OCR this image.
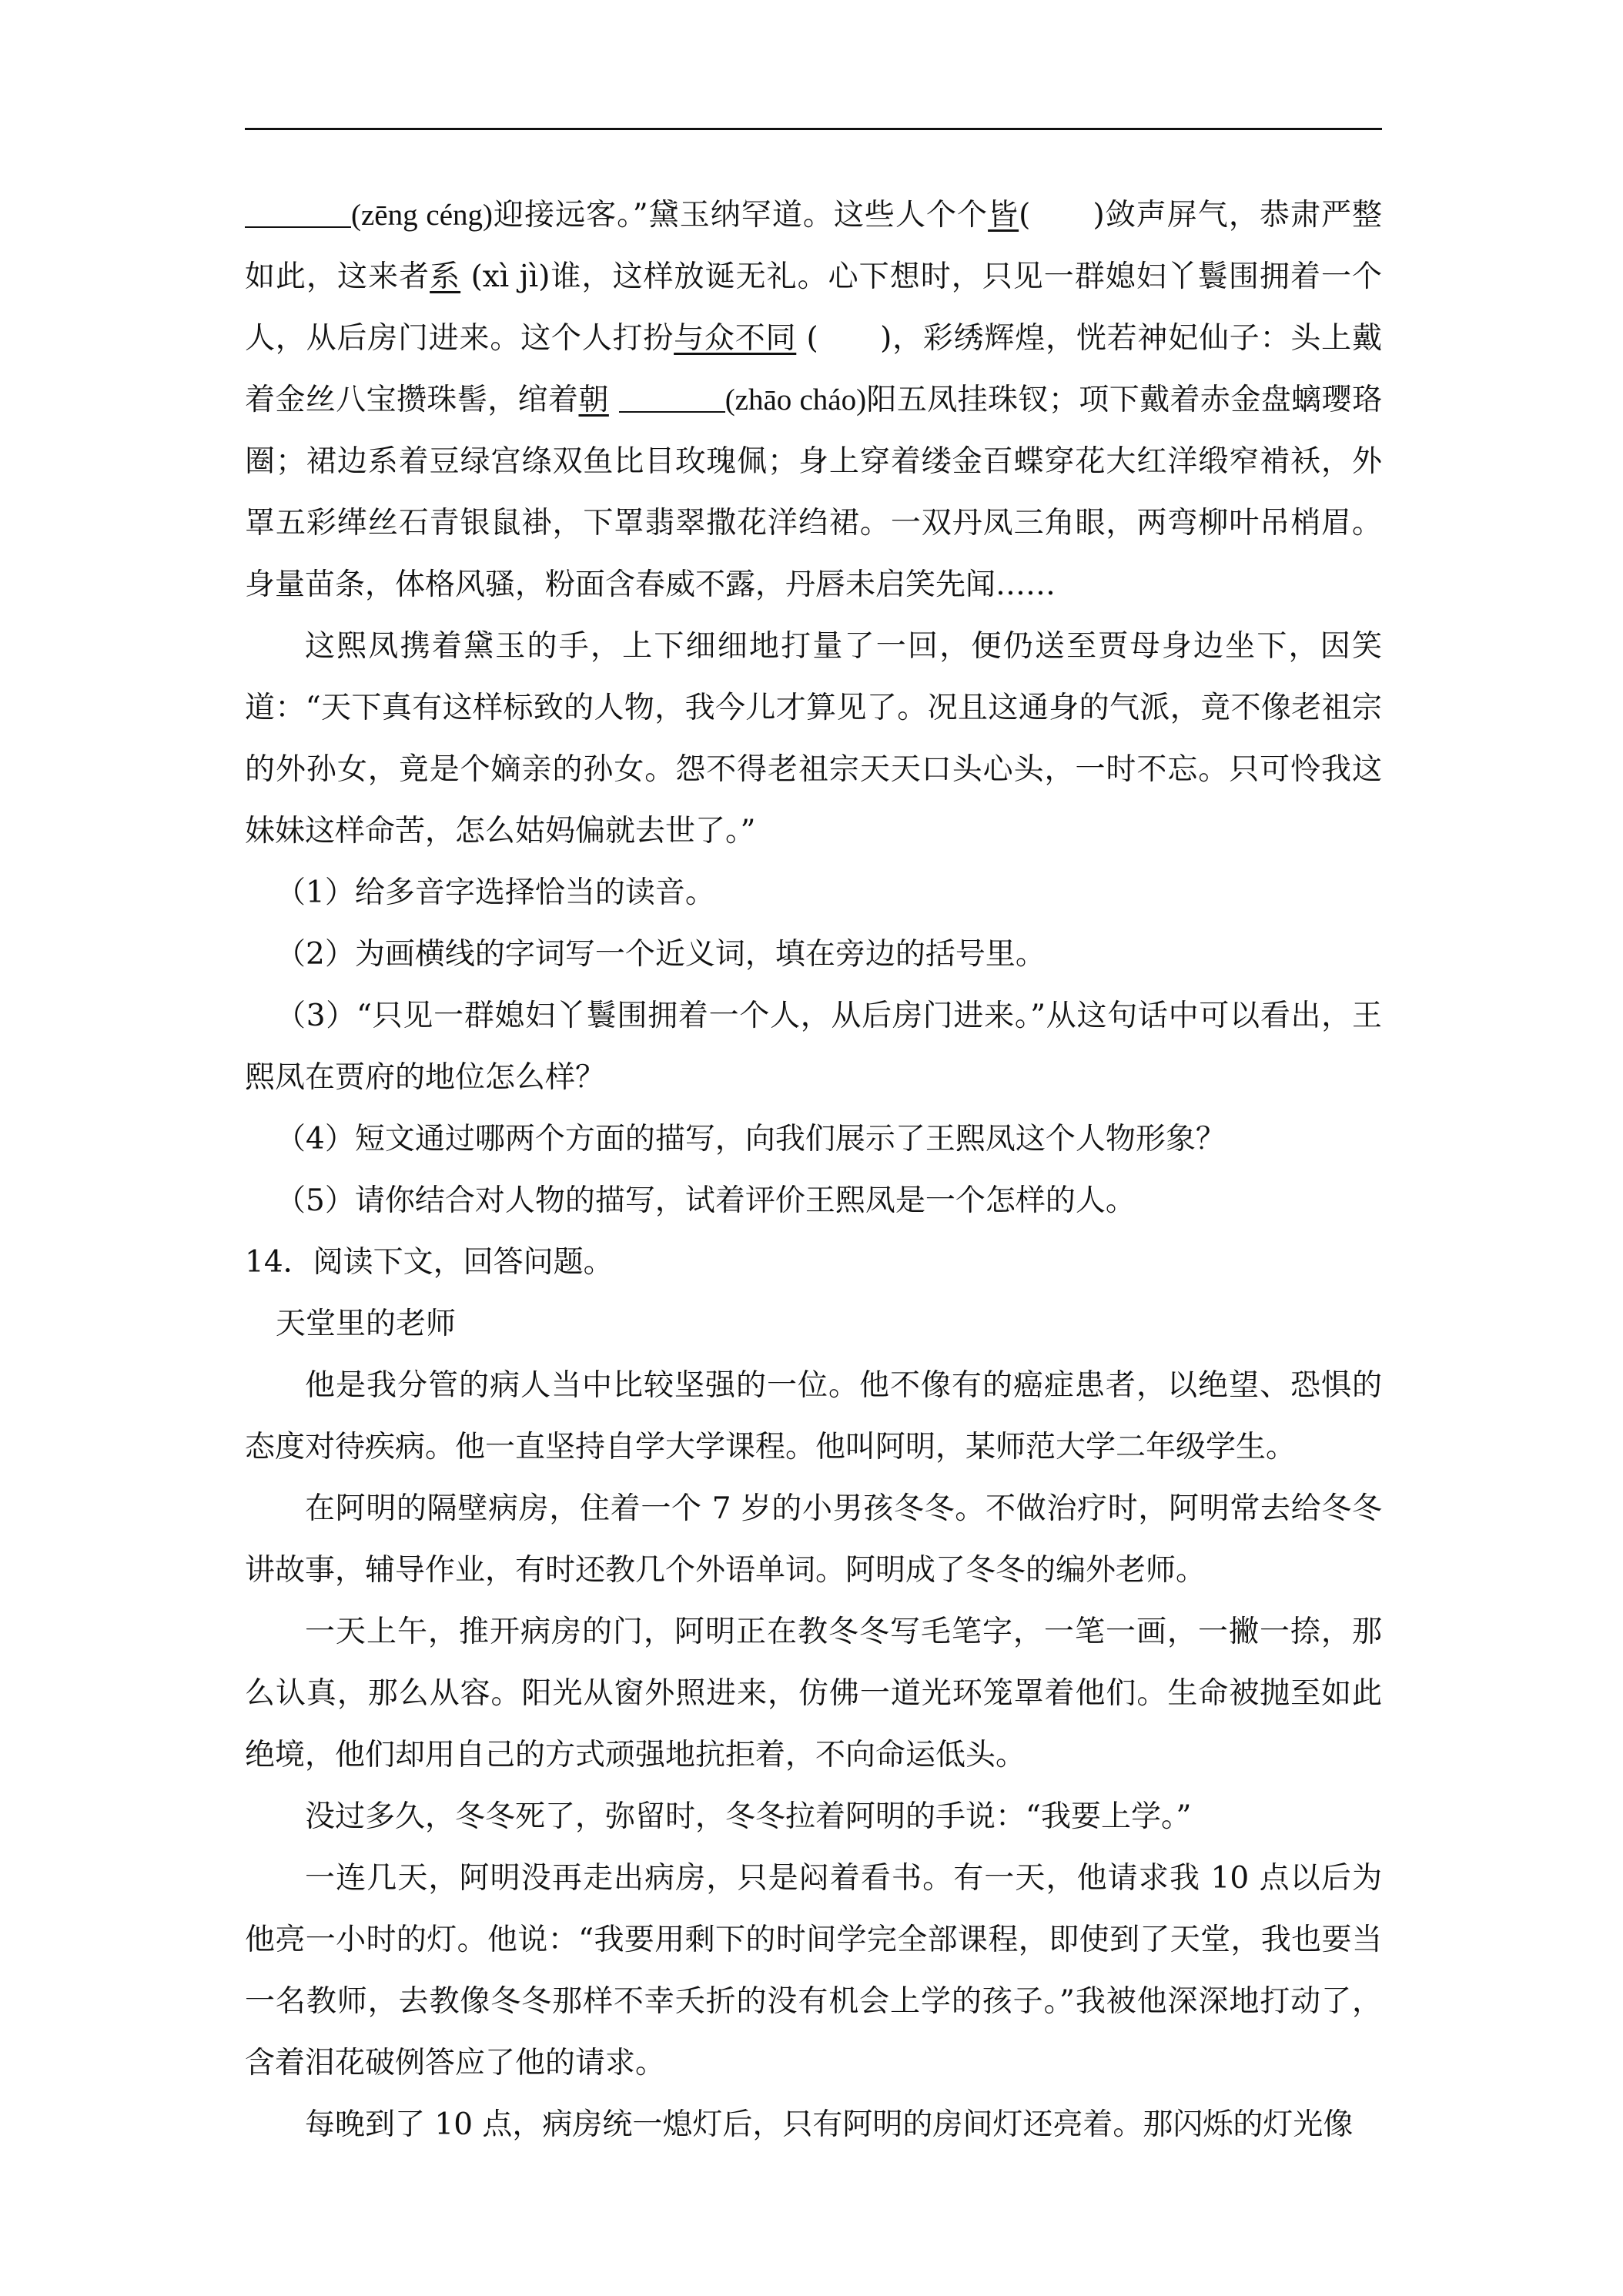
(zēng céng)迎接远客。”黛玉纳罕道。这些人个个皆(　　)敛声屏气，恭肃严整如此，这来者系 (xì jì)谁，这样放诞无礼。心下想时，只见一群媳妇丫鬟围拥着一个人，从后房门进来。这个人打扮与众不同 (　　)，彩绣辉煌，恍若神妃仙子：头上戴着金丝八宝攒珠髻，绾着朝	(zhāo cháo)阳五凤挂珠钗；项下戴着赤金盘螭璎珞圈；裙边系着豆绿宫绦双鱼比目玫瑰佩；身上穿着缕金百蝶穿花大红洋缎窄褃袄，外罩五彩缂丝石青银鼠褂，下罩翡翠撒花洋绉裙。一双丹凤三角眼，两弯柳叶吊梢眉。身量苗条，体格风骚，粉面含春威不露，丹唇未启笑先闻……

这熙凤携着黛玉的手，上下细细地打量了一回，便仍送至贾母身边坐下，因笑道：“天下真有这样标致的人物，我今儿才算见了。况且这通身的气派，竟不像老祖宗的外孙女，竟是个嫡亲的孙女。怨不得老祖宗天天口头心头，一时不忘。只可怜我这妹妹这样命苦，怎么姑妈偏就去世了。”

（1）给多音字选择恰当的读音。

（2）为画横线的字词写一个近义词，填在旁边的括号里。

（3）“只见一群媳妇丫鬟围拥着一个人，从后房门进来。”从这句话中可以看出，王熙凤在贾府的地位怎么样？

（4）短文通过哪两个方面的描写，向我们展示了王熙凤这个人物形象？

（5）请你结合对人物的描写，试着评价王熙凤是一个怎样的人。

14．阅读下文，回答问题。

天堂里的老师

他是我分管的病人当中比较坚强的一位。他不像有的癌症患者，以绝望、恐惧的态度对待疾病。他一直坚持自学大学课程。他叫阿明，某师范大学二年级学生。

在阿明的隔壁病房，住着一个 7 岁的小男孩冬冬。不做治疗时，阿明常去给冬冬讲故事，辅导作业，有时还教几个外语单词。阿明成了冬冬的编外老师。

一天上午，推开病房的门，阿明正在教冬冬写毛笔字，一笔一画，一撇一捺，那么认真，那么从容。阳光从窗外照进来，仿佛一道光环笼罩着他们。生命被抛至如此绝境，他们却用自己的方式顽强地抗拒着，不向命运低头。

没过多久，冬冬死了，弥留时，冬冬拉着阿明的手说：“我要上学。”

一连几天，阿明没再走出病房，只是闷着看书。有一天，他请求我 10 点以后为他亮一小时的灯。他说：“我要用剩下的时间学完全部课程，即使到了天堂，我也要当一名教师，去教像冬冬那样不幸夭折的没有机会上学的孩子。”我被他深深地打动了，含着泪花破例答应了他的请求。

每晚到了 10 点，病房统一熄灯后，只有阿明的房间灯还亮着。那闪烁的灯光像
